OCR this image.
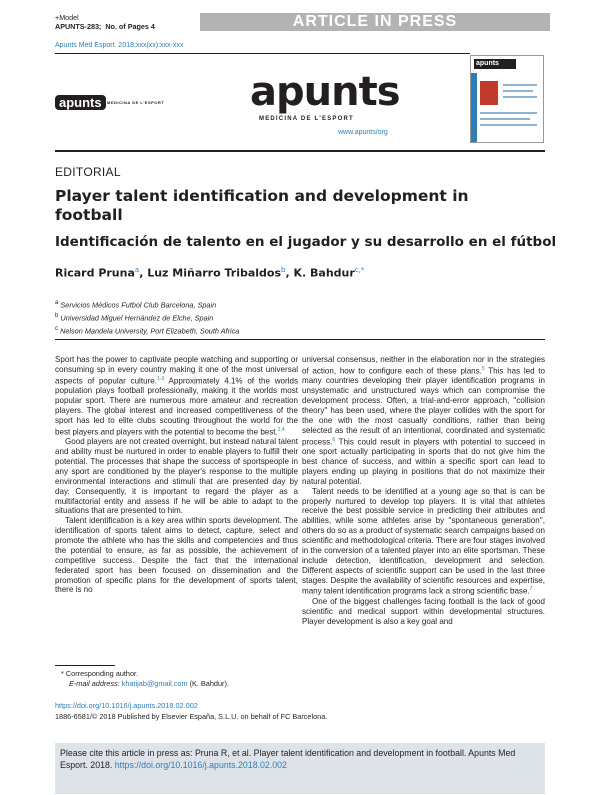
+Model
APUNTS-283; No. of Pages 4	ARTICLE IN PRESS
Apunts Med Esport. 2018;xxx(xx):xxx-xxx
apunts	MEDICINA DE L'ESPORT apunts
MEDICINA DE L'ESPORT
www.apunts/org
apunts
EDITORIAL
Player talent identification and development in football
Identificación de talento en el jugador y su desarrollo en el fútbol
Ricard Pruna$^a$, Luz Miñarro Tribaldos$^b$, K. Bahdur$^{c,*}$
$^a$ Servicios Médicos Futbol Club Barcelona, Spain
$^b$ Universidad Miguel Hernández de Elche, Spain
$^c$ Nelson Mandela University, Port Elizabeth, South Africa

Sport has the power to captivate people watching and supporting or consuming sp in every country making it one of the most universal aspects of popular culture.$^{1-3}$ Approximately 4.1% of the worlds population plays football professionally, making it the worlds most popular sport. There are numerous more amateur and recreation players. The global interest and increased competitiveness of the sport has led to elite clubs scouting throughout the world for the best players and players with the potential to become the best.$^{2,4}$

Good players are not created overnight, but instead natural talent and ability must be nurtured in order to enable players to fulfill their potential. The processes that shape the success of sportspeople in any sport are conditioned by the player's response to the multiple environmental interactions and stimuli that are presented day by day. Consequently, it is important to regard the player as a multifactorial entity and assess if he will be able to adapt to the situations that are presented to him.

Talent identification is a key area within sports development. The identification of sports talent aims to detect, capture, select and promote the athlete who has the skills and competencies and thus the potential to ensure, as far as possible, the achievement of competitive success. Despite the fact that the international federated sport has been focused on dissemination and the promotion of specific plans for the development of sports talent, there is no

universal consensus, neither in the elaboration nor in the strategies of action, how to configure each of these plans.$^5$ This has led to many countries developing their player identification programs in unsystematic and unstructured ways which can compromise the development process. Often, a trial-and-error approach, ''collision theory'' has been used, where the player collides with the sport for the one with the most casually conditions, rather than being selected as the result of an intentional, coordinated and systematic process.$^6$ This could result in players with potential to succeed in one sport actually participating in sports that do not give him the best chance of success, and within a specific sport can lead to players ending up playing in positions that do not maximize their natural potential.

Talent needs to be identified at a young age so that is can be properly nurtured to develop top players. It is vital that athletes receive the best possible service in predicting their attributes and abilities, while some athletes arise by ''spontaneous generation'', others do so as a product of systematic search campaigns based on scientific and methodological criteria. There are four stages involved in the conversion of a talented player into an elite sportsman. These include detection, identification, development and selection. Different aspects of scientific support can be used in the last three stages. Despite the availability of scientific resources and expertise, many talent identification programs lack a strong scientific base.$^7$

One of the biggest challenges facing football is the lack of good scientific and medical support within developmental structures. Player development is also a key goal and

* Corresponding author.
E-mail address: khatijab@gmail.com (K. Bahdur).
https://doi.org/10.1016/j.apunts.2018.02.002
1886-6581/© 2018 Published by Elsevier España, S.L.U. on behalf of FC Barcelona.
Please cite this article in press as: Pruna R, et al. Player talent identification and development in football. Apunts Med Esport. 2018. https://doi.org/10.1016/j.apunts.2018.02.002
